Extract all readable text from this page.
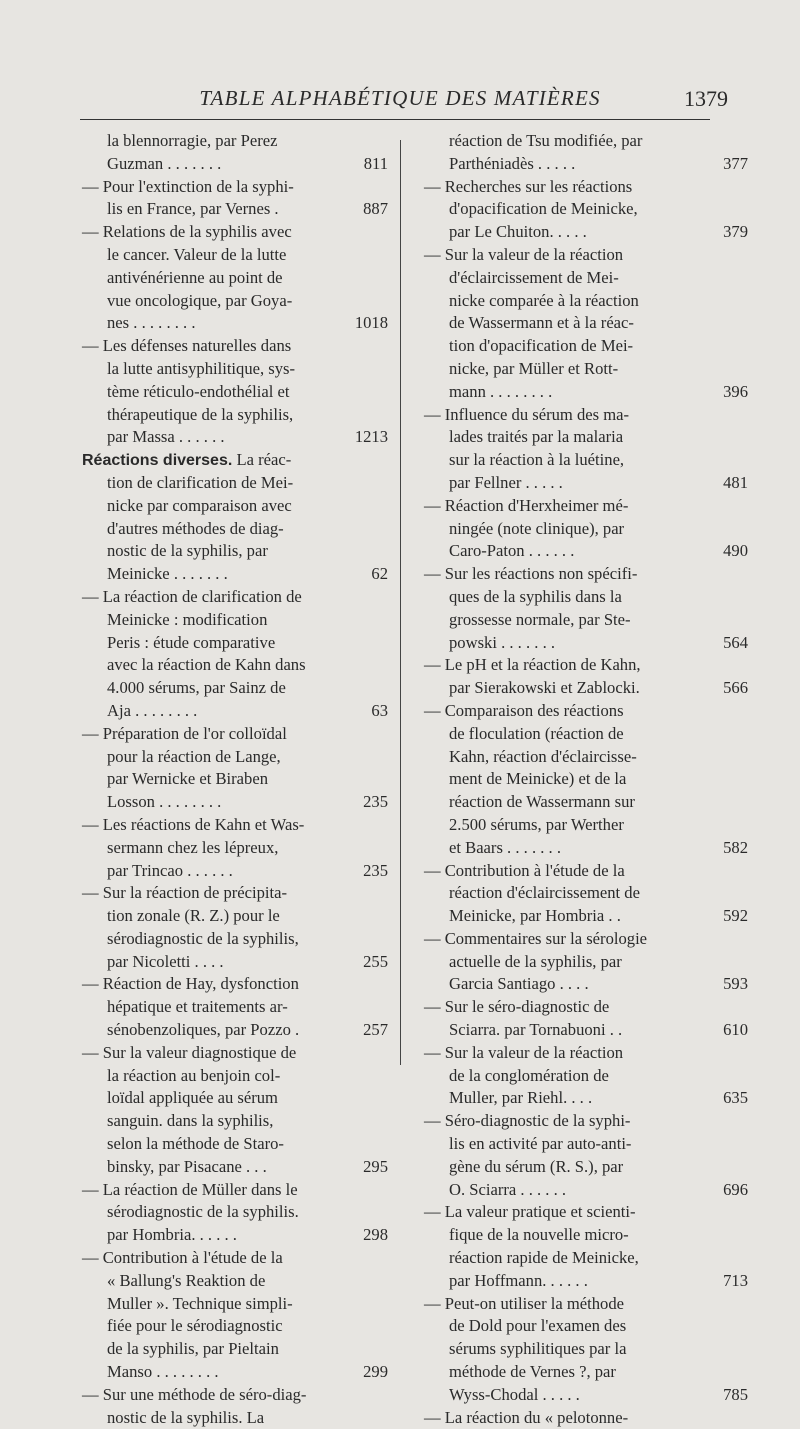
TABLE ALPHABÉTIQUE DES MATIÈRES	1379
la blennorragie, par Perez
Guzman . . . . . . .	811
— Pour l'extinction de la syphi-
lis en France, par Vernes .	887
— Relations de la syphilis avec
le cancer. Valeur de la lutte
antivénérienne au point de
vue oncologique, par Goya-
nes . . . . . . . .	1018
— Les défenses naturelles dans
la lutte antisyphilitique, sys-
tème réticulo-endothélial et
thérapeutique de la syphilis,
par Massa . . . . . .	1213
Réactions diverses. La réac-
tion de clarification de Mei-
nicke par comparaison avec
d'autres méthodes de diag-
nostic de la syphilis, par
Meinicke . . . . . . .	62
— La réaction de clarification de
Meinicke : modification
Peris : étude comparative
avec la réaction de Kahn dans
4.000 sérums, par Sainz de
Aja . . . . . . . .	63
— Préparation de l'or colloïdal
pour la réaction de Lange,
par Wernicke et Biraben
Losson . . . . . . . .	235
— Les réactions de Kahn et Was-
sermann chez les lépreux,
par Trincao . . . . . .	235
— Sur la réaction de précipita-
tion zonale (R. Z.) pour le
sérodiagnostic de la syphilis,
par Nicoletti . . . .	255
— Réaction de Hay, dysfonction
hépatique et traitements ar-
sénobenzoliques, par Pozzo .	257
— Sur la valeur diagnostique de
la réaction au benjoin col-
loïdal appliquée au sérum
sanguin. dans la syphilis,
selon la méthode de Staro-
binsky, par Pisacane . . .	295
— La réaction de Müller dans le
sérodiagnostic de la syphilis.
par Hombria. . . . . .	298
— Contribution à l'étude de la
« Ballung's Reaktion de
Muller ». Technique simpli-
fiée pour le sérodiagnostic
de la syphilis, par Pieltain
Manso . . . . . . . .	299
— Sur une méthode de séro-diag-
nostic de la syphilis. La
réaction de Tsu modifiée, par
Parthéniadès . . . . .	377
— Recherches sur les réactions
d'opacification de Meinicke,
par Le Chuiton. . . . .	379
— Sur la valeur de la réaction
d'éclaircissement de Mei-
nicke comparée à la réaction
de Wassermann et à la réac-
tion d'opacification de Mei-
nicke, par Müller et Rott-
mann . . . . . . . .	396
— Influence du sérum des ma-
lades traités par la malaria
sur la réaction à la luétine,
par Fellner . . . . .	481
— Réaction d'Herxheimer mé-
ningée (note clinique), par
Caro-Paton . . . . . .	490
— Sur les réactions non spécifi-
ques de la syphilis dans la
grossesse normale, par Ste-
powski . . . . . . .	564
— Le pH et la réaction de Kahn,
par Sierakowski et Zablocki.	566
— Comparaison des réactions
de floculation (réaction de
Kahn, réaction d'éclaircisse-
ment de Meinicke) et de la
réaction de Wassermann sur
2.500 sérums, par Werther
et Baars . . . . . . .	582
— Contribution à l'étude de la
réaction d'éclaircissement de
Meinicke, par Hombria . .	592
— Commentaires sur la sérologie
actuelle de la syphilis, par
Garcia Santiago . . . .	593
— Sur le séro-diagnostic de
Sciarra. par Tornabuoni . .	610
— Sur la valeur de la réaction
de la conglomération de
Muller, par Riehl. . . .	635
— Séro-diagnostic de la syphi-
lis en activité par auto-anti-
gène du sérum (R. S.), par
O. Sciarra . . . . . .	696
— La valeur pratique et scienti-
fique de la nouvelle micro-
réaction rapide de Meinicke,
par Hoffmann. . . . . .	713
— Peut-on utiliser la méthode
de Dold pour l'examen des
sérums syphilitiques par la
méthode de Vernes ?, par
Wyss-Chodal . . . . .	785
— La réaction du « pelotonne-
